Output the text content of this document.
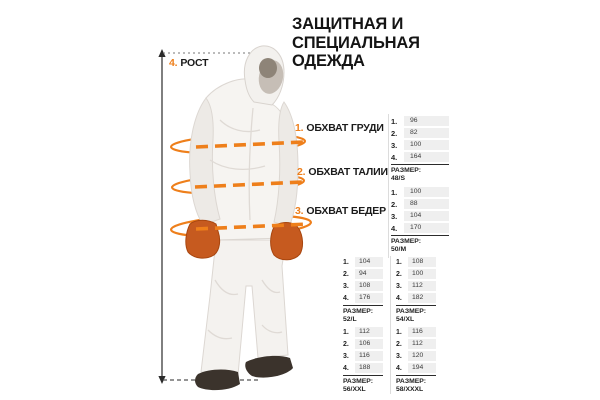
ЗАЩИТНАЯ И
СПЕЦИАЛЬНАЯ
ОДЕЖДА
1. ОБХВАТ ГРУДИ
2. ОБХВАТ ТАЛИИ
3. ОБХВАТ БЕДЕР
4. РОСТ
1.	96
2.	82
3.	100
4.	164
РАЗМЕР:
48/S
1.	100
2.	88
3.	104
4.	170
РАЗМЕР:
50/M
1.	104
2.	94
3.	108
4.	176
РАЗМЕР:
52/L
1.	108
2.	100
3.	112
4.	182
РАЗМЕР:
54/XL
1.	112
2.	106
3.	116
4.	188
РАЗМЕР:
56/XXL
1.	116
2.	112
3.	120
4.	194
РАЗМЕР:
58/XXXL
